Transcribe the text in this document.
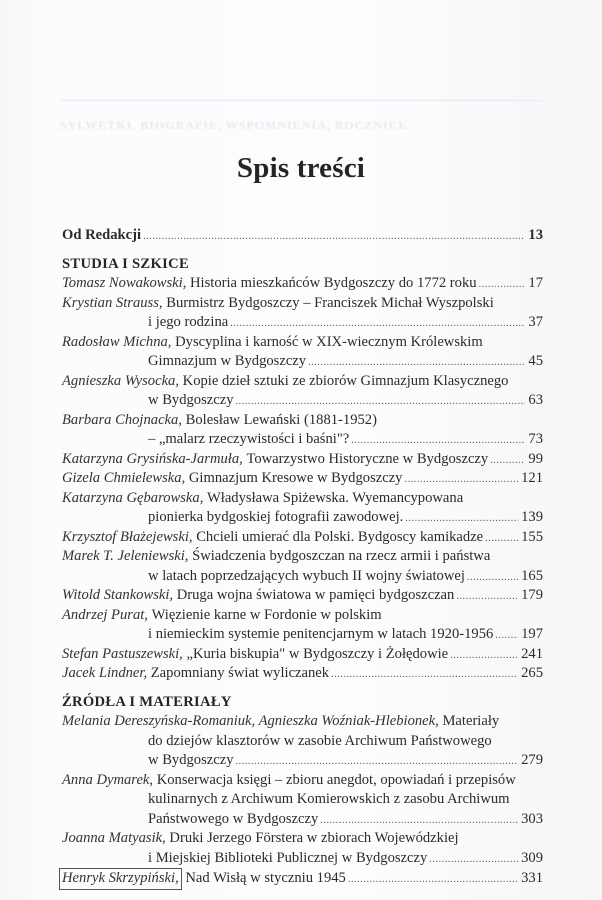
SYLWETKI, BIOGRAFIE, WSPOMNIENIA, ROCZNICE
Spis treści
Od Redakcji .....	13
STUDIA I SZKICE
Tomasz Nowakowski,
Historia mieszkańców Bydgoszczy do 1772 roku .....	17
Krystian Strauss,
Burmistrz Bydgoszczy – Franciszek Michał Wyszpolski
i jego rodzina .....	37
Radosław Michna,
Dyscyplina i karność w XIX-wiecznym Królewskim
Gimnazjum w Bydgoszczy .....	45
Agnieszka Wysocka,
Kopie dzieł sztuki ze zbiorów Gimnazjum Klasycznego
w Bydgoszczy .....	63
Barbara Chojnacka,
Bolesław Lewański (1881-1952)
– „malarz rzeczywistości i baśni"? .....	73
Katarzyna Grysińska-Jarmuła,
Towarzystwo Historyczne w Bydgoszczy .....	99
Gizela Chmielewska,
Gimnazjum Kresowe w Bydgoszczy .....	121
Katarzyna Gębarowska,
Władysława Spiżewska. Wyemancypowana
pionierka bydgoskiej fotografii zawodowej. .....	139
Krzysztof Błażejewski,
Chcieli umierać dla Polski. Bydgoscy kamikadze .....	155
Marek T. Jeleniewski,
Świadczenia bydgoszczan na rzecz armii i państwa
w latach poprzedzających wybuch II wojny światowej .....	165
Witold Stankowski,
Druga wojna światowa w pamięci bydgoszczan .....	179
Andrzej Purat,
Więzienie karne w Fordonie w polskim
i niemieckim systemie penitencjarnym w latach 1920-1956 ..... 197
Stefan Pastuszewski,
„Kuria biskupia" w Bydgoszczy i Żołędowie .....	241
Jacek Lindner,
Zapomniany świat wyliczanek .....	265
ŹRÓDŁA I MATERIAŁY
Melania Dereszyńska-Romaniuk, Agnieszka Woźniak-Hlebionek,
Materiały
do dziejów klasztorów w zasobie Archiwum Państwowego
w Bydgoszczy .....	279
Anna Dymarek,
Konserwacja księgi – zbioru anegdot, opowiadań i przepisów
kulinarnych z Archiwum Komierowskich z zasobu Archiwum
Państwowego w Bydgoszczy .....	303
Joanna Matyasik,
Druki Jerzego Förstera w zbiorach Wojewódzkiej
i Miejskiej Biblioteki Publicznej w Bydgoszczy .....	309
Henryk Skrzypiński,
Nad Wisłą w styczniu 1945 .....	331
